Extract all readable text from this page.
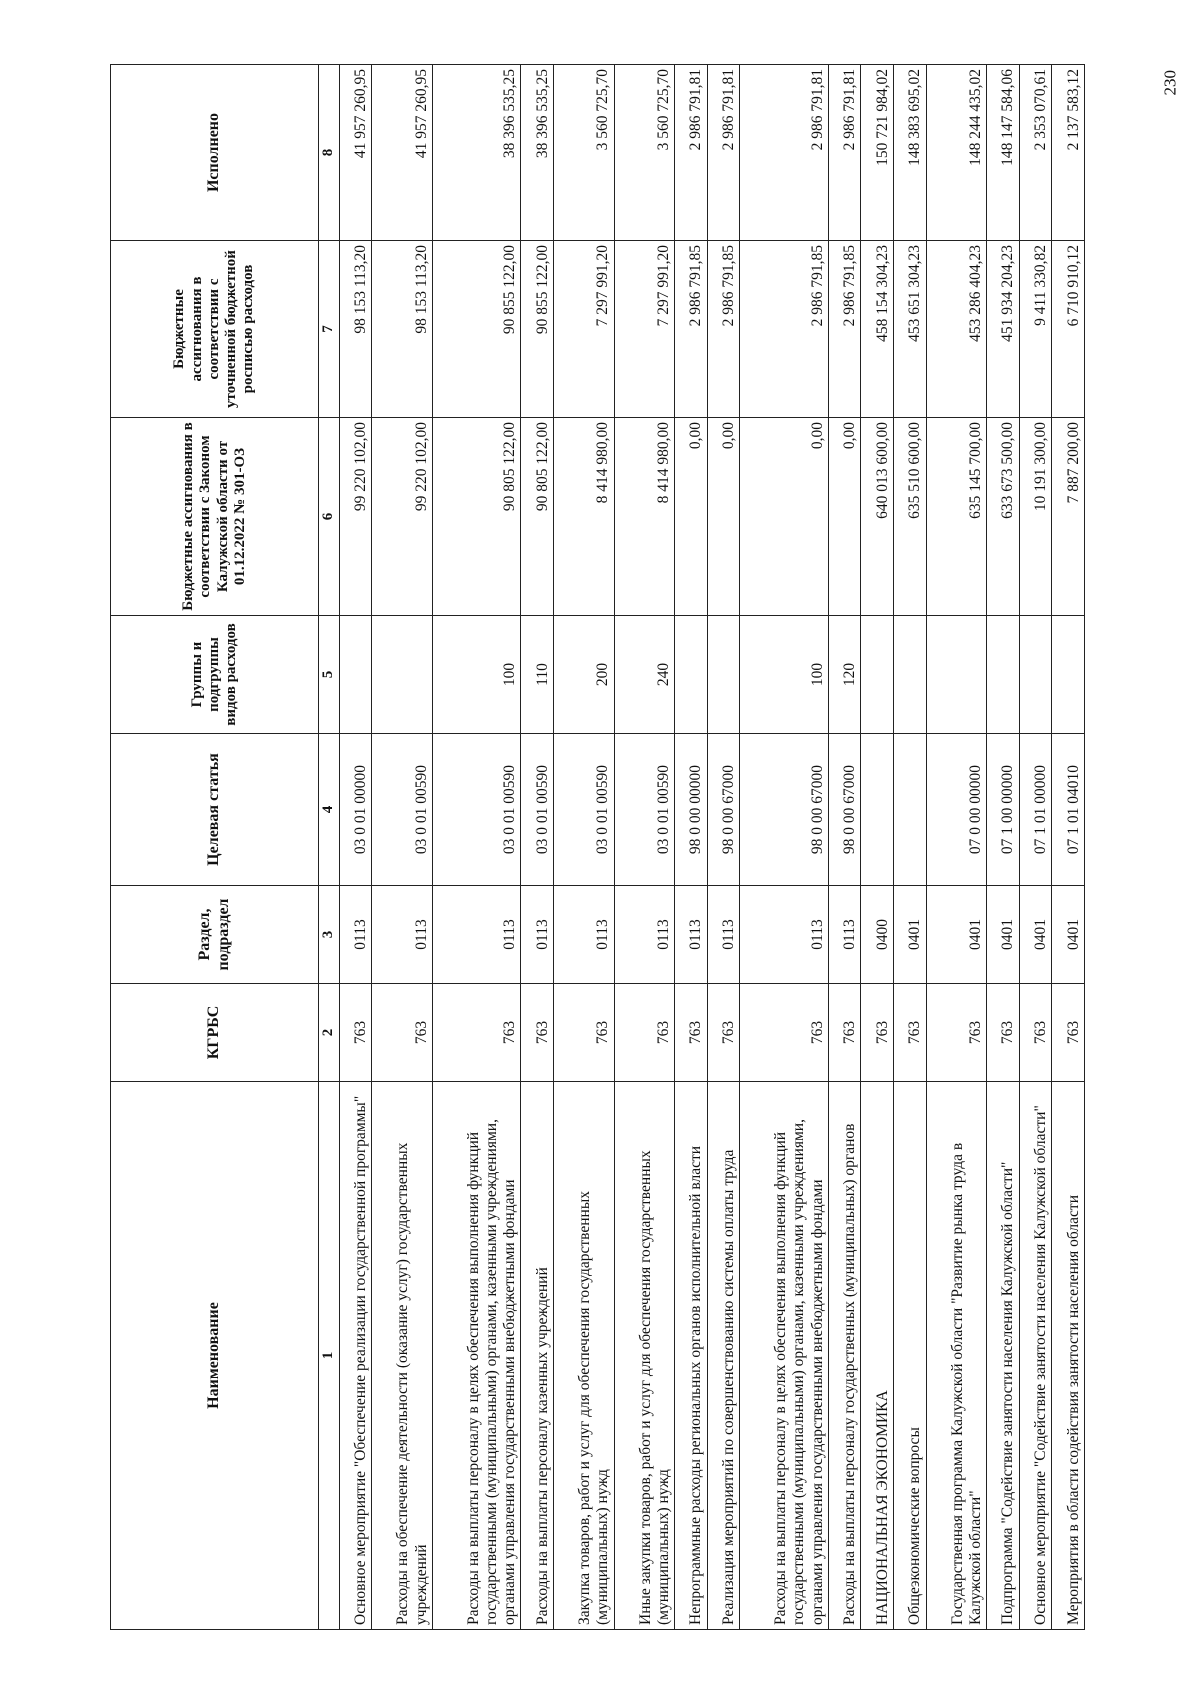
230
Наименование	КГРБС	Раздел, подраздел	Целевая статья	Группы и подгруппы видов расходов	Бюджетные ассигнования в соответствии с Законом Калужской области от 01.12.2022 № 301-ОЗ	Бюджетные ассигнования в соответствии с уточненной бюджетной росписью расходов	Исполнено
1	2	3	4	5	6	7	8
Основное мероприятие "Обеспечение реализации государственной программы"	763	0113	03 0 01 00000		99 220 102,00	98 153 113,20	41 957 260,95
Расходы на обеспечение деятельности (оказание услуг) государственных учреждений	763	0113	03 0 01 00590		99 220 102,00	98 153 113,20	41 957 260,95
Расходы на выплаты персоналу в целях обеспечения выполнения функций государственными (муниципальными) органами, казенными учреждениями, органами управления государственными внебюджетными фондами	763	0113	03 0 01 00590	100	90 805 122,00	90 855 122,00	38 396 535,25
Расходы на выплаты персоналу казенных учреждений	763	0113	03 0 01 00590	110	90 805 122,00	90 855 122,00	38 396 535,25
Закупка товаров, работ и услуг для обеспечения государственных (муниципальных) нужд	763	0113	03 0 01 00590	200	8 414 980,00	7 297 991,20	3 560 725,70
Иные закупки товаров, работ и услуг для обеспечения государственных (муниципальных) нужд	763	0113	03 0 01 00590	240	8 414 980,00	7 297 991,20	3 560 725,70
Непрограммные расходы региональных органов исполнительной власти	763	0113	98 0 00 00000		0,00	2 986 791,85	2 986 791,81
Реализация мероприятий по совершенствованию системы оплаты труда	763	0113	98 0 00 67000		0,00	2 986 791,85	2 986 791,81
Расходы на выплаты персоналу в целях обеспечения выполнения функций государственными (муниципальными) органами, казенными учреждениями, органами управления государственными внебюджетными фондами	763	0113	98 0 00 67000	100	0,00	2 986 791,85	2 986 791,81
Расходы на выплаты персоналу государственных (муниципальных) органов	763	0113	98 0 00 67000	120	0,00	2 986 791,85	2 986 791,81
НАЦИОНАЛЬНАЯ ЭКОНОМИКА	763	0400			640 013 600,00	458 154 304,23	150 721 984,02
Общеэкономические вопросы	763	0401			635 510 600,00	453 651 304,23	148 383 695,02
Государственная программа Калужской области "Развитие рынка труда в Калужской области"	763	0401	07 0 00 00000		635 145 700,00	453 286 404,23	148 244 435,02
Подпрограмма "Содействие занятости населения Калужской области"	763	0401	07 1 00 00000		633 673 500,00	451 934 204,23	148 147 584,06
Основное мероприятие "Содействие занятости населения Калужской области"	763	0401	07 1 01 00000		10 191 300,00	9 411 330,82	2 353 070,61
Мероприятия в области содействия занятости населения области	763	0401	07 1 01 04010		7 887 200,00	6 710 910,12	2 137 583,12
